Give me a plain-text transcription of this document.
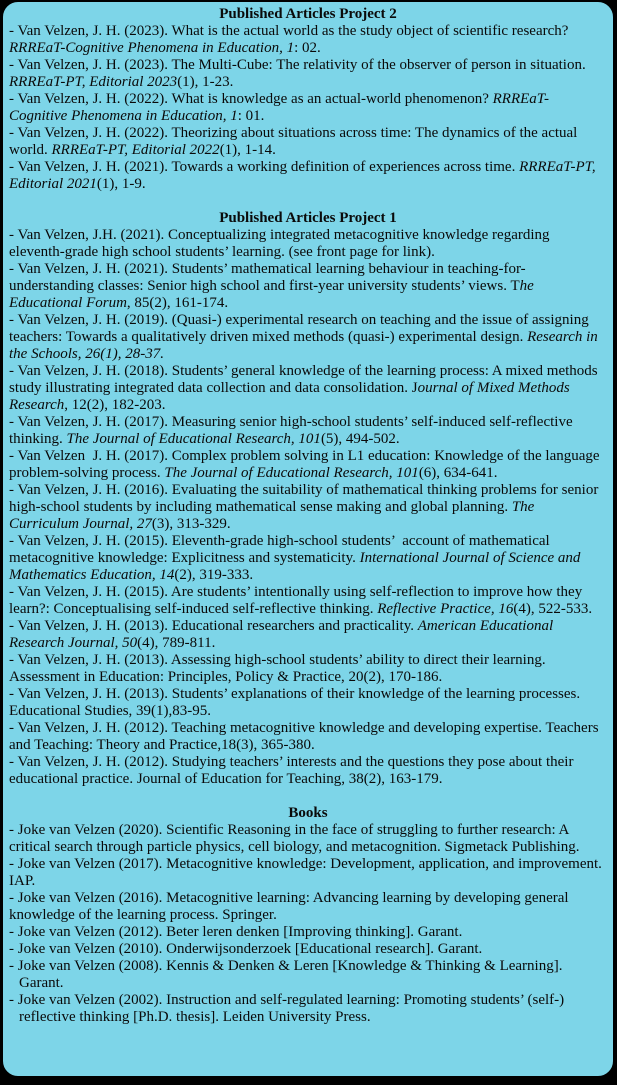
Published Articles Project 2

- Van Velzen, J. H. (2023). What is the actual world as the study object of scientific research? RRREaT-Cognitive Phenomena in Education, 1: 02.

- Van Velzen, J. H. (2023). The Multi-Cube: The relativity of the observer of person in situation. RRREaT-PT, Editorial 2023(1), 1-23.

- Van Velzen, J. H. (2022). What is knowledge as an actual-world phenomenon? RRREaT-Cognitive Phenomena in Education, 1: 01.

- Van Velzen, J. H. (2022). Theorizing about situations across time: The dynamics of the actual world. RRREaT-PT, Editorial 2022(1), 1-14.

- Van Velzen, J. H. (2021). Towards a working definition of experiences across time. RRREaT-PT, Editorial 2021(1), 1-9.

Published Articles Project 1

- Van Velzen, J.H. (2021). Conceptualizing integrated metacognitive knowledge regarding eleventh-grade high school students’ learning. (see front page for link).

- Van Velzen, J. H. (2021). Students’ mathematical learning behaviour in teaching-for-understanding classes: Senior high school and first-year university students’ views. The Educational Forum, 85(2), 161-174.

- Van Velzen, J. H. (2019). (Quasi-) experimental research on teaching and the issue of assigning teachers: Towards a qualitatively driven mixed methods (quasi-) experimental design. Research in the Schools, 26(1), 28-37.

- Van Velzen, J. H. (2018). Students’ general knowledge of the learning process: A mixed methods study illustrating integrated data collection and data consolidation. Journal of Mixed Methods Research, 12(2), 182-203.

- Van Velzen, J. H. (2017). Measuring senior high-school students’ self-induced self-reflective thinking. The Journal of Educational Research, 101(5), 494-502.

- Van Velzen  J. H. (2017). Complex problem solving in L1 education: Knowledge of the language problem-solving process. The Journal of Educational Research, 101(6), 634-641.

- Van Velzen, J. H. (2016). Evaluating the suitability of mathematical thinking problems for senior high-school students by including mathematical sense making and global planning. The Curriculum Journal, 27(3), 313-329.

- Van Velzen, J. H. (2015). Eleventh-grade high-school students’  account of mathematical metacognitive knowledge: Explicitness and systematicity. International Journal of Science and Mathematics Education, 14(2), 319-333.

- Van Velzen, J. H. (2015). Are students’ intentionally using self-reflection to improve how they learn?: Conceptualising self-induced self-reflective thinking. Reflective Practice, 16(4), 522-533.

- Van Velzen, J. H. (2013). Educational researchers and practicality. American Educational Research Journal, 50(4), 789-811.

- Van Velzen, J. H. (2013). Assessing high-school students’ ability to direct their learning. Assessment in Education: Principles, Policy & Practice, 20(2), 170-186.

- Van Velzen, J. H. (2013). Students’ explanations of their knowledge of the learning processes. Educational Studies, 39(1),83-95.

- Van Velzen, J. H. (2012). Teaching metacognitive knowledge and developing expertise. Teachers and Teaching: Theory and Practice,18(3), 365-380.

- Van Velzen, J. H. (2012). Studying teachers’ interests and the questions they pose about their educational practice. Journal of Education for Teaching, 38(2), 163-179.

Books

- Joke van Velzen (2020). Scientific Reasoning in the face of struggling to further research: A critical search through particle physics, cell biology, and metacognition. Sigmetack Publishing.

- Joke van Velzen (2017). Metacognitive knowledge: Development, application, and improvement. IAP.

- Joke van Velzen (2016). Metacognitive learning: Advancing learning by developing general knowledge of the learning process. Springer.

- Joke van Velzen (2012). Beter leren denken [Improving thinking]. Garant.

- Joke van Velzen (2010). Onderwijsonderzoek [Educational research]. Garant.

- Joke van Velzen (2008). Kennis & Denken & Leren [Knowledge & Thinking & Learning]. Garant.

- Joke van Velzen (2002). Instruction and self-regulated learning: Promoting students’ (self-) reflective thinking [Ph.D. thesis]. Leiden University Press.
